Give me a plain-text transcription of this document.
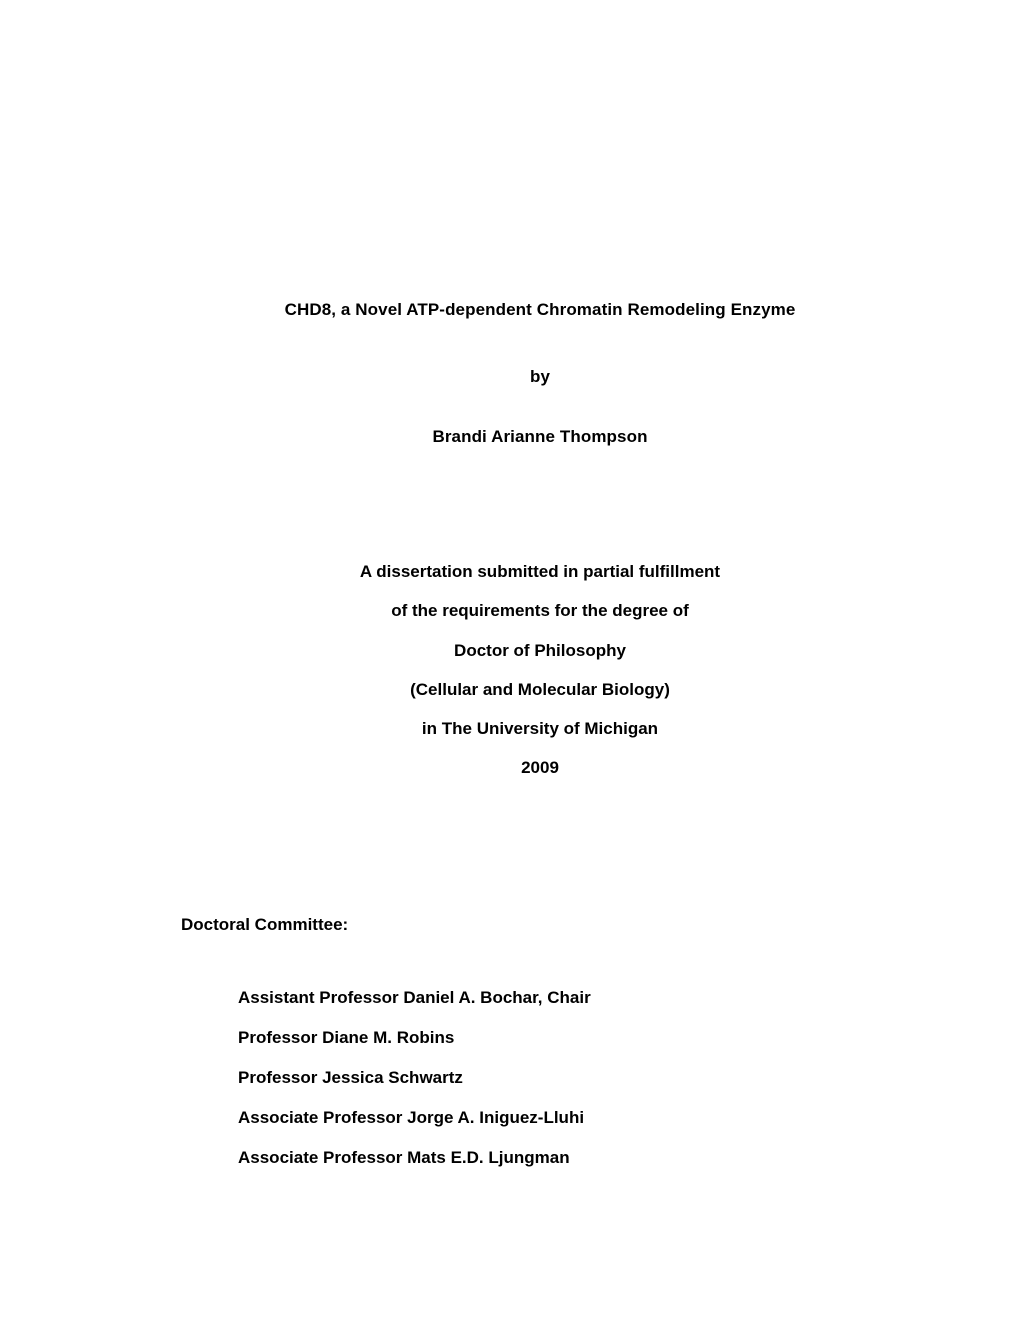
CHD8, a Novel ATP-dependent Chromatin Remodeling Enzyme
by
Brandi Arianne Thompson
A dissertation submitted in partial fulfillment
of the requirements for the degree of
Doctor of Philosophy
(Cellular and Molecular Biology)
in The University of Michigan
2009
Doctoral Committee:
Assistant Professor Daniel A. Bochar, Chair
Professor Diane M. Robins
Professor Jessica Schwartz
Associate Professor Jorge A. Iniguez-Lluhi
Associate Professor Mats E.D. Ljungman
